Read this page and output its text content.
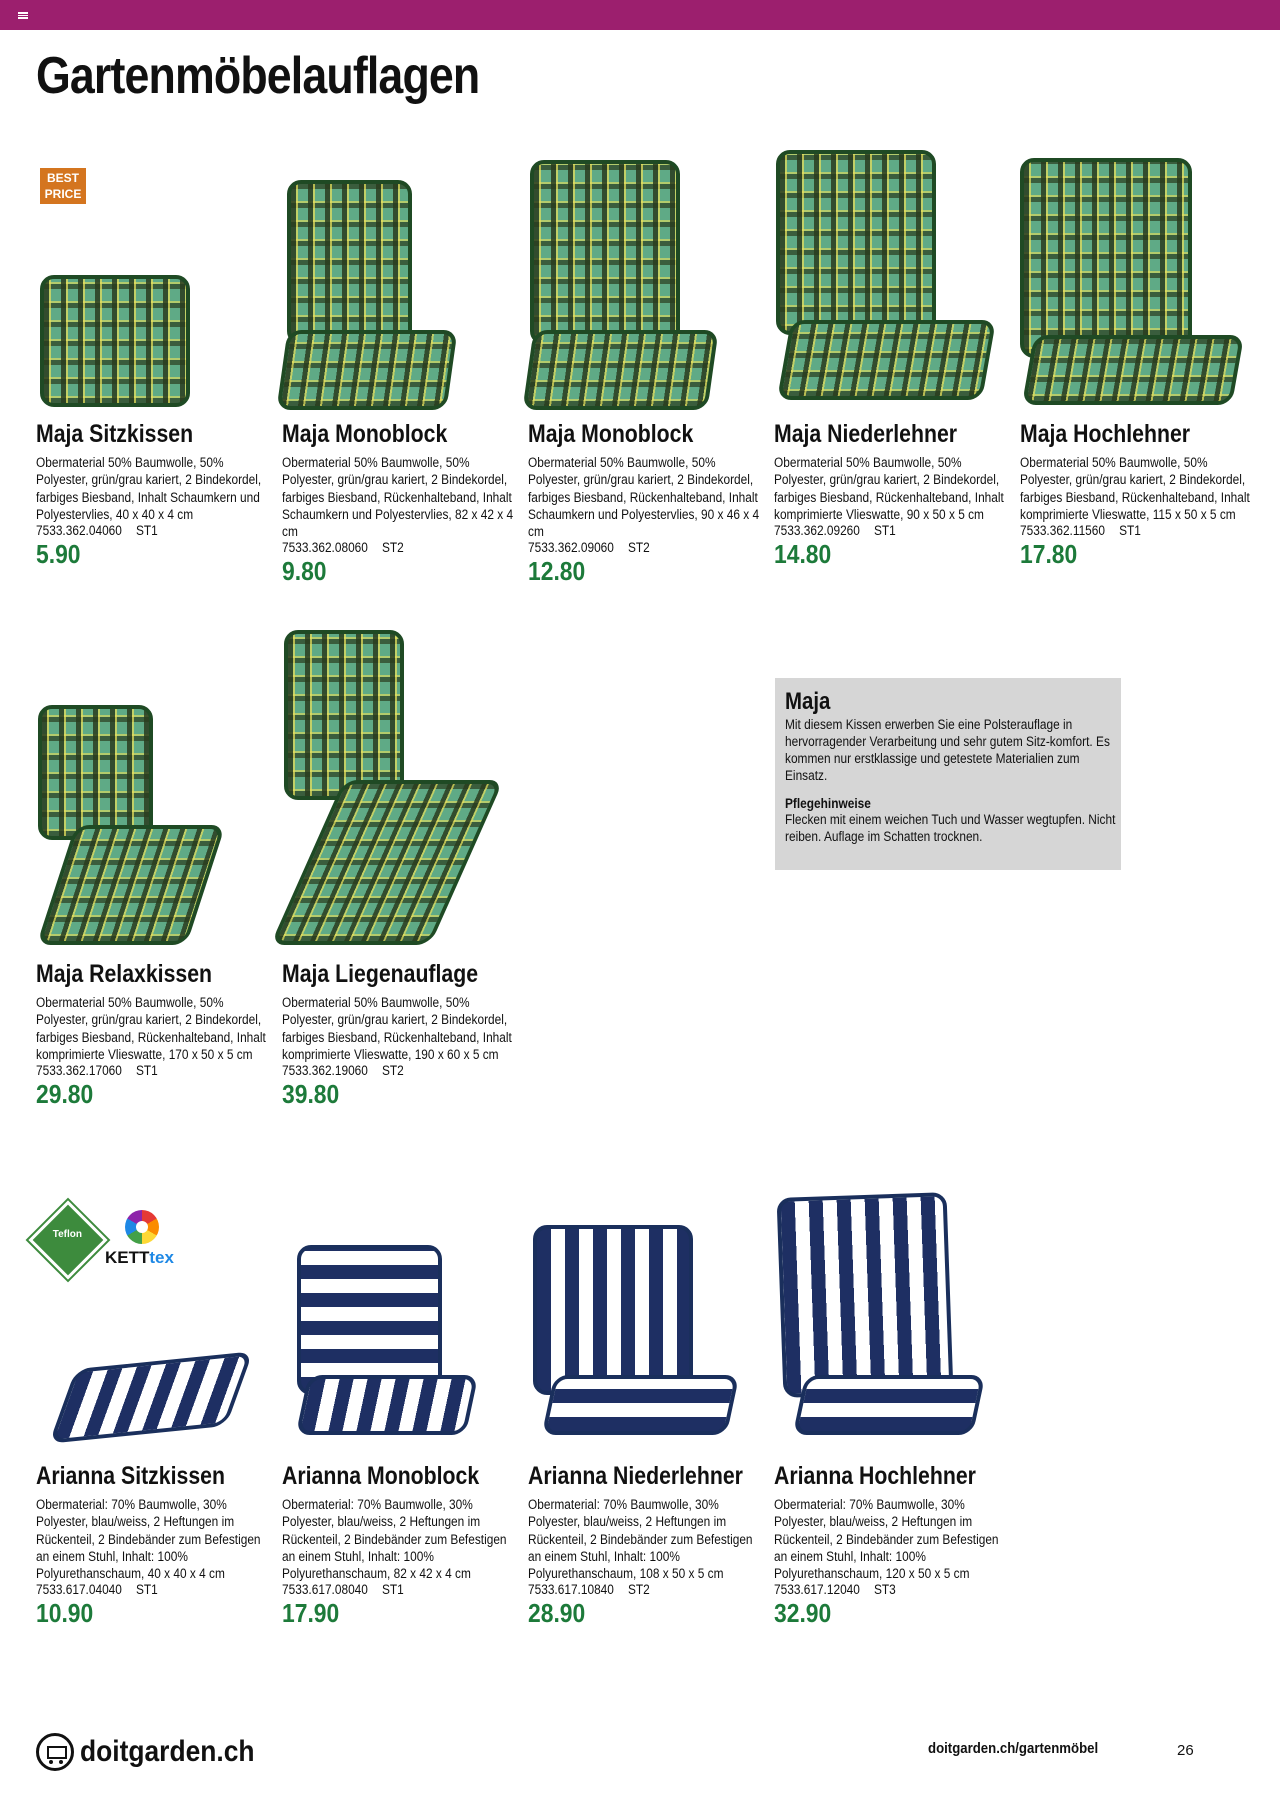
Gartenmöbelauflagen
BEST PRICE
Maja Sitzkissen
Obermaterial 50% Baumwolle, 50% Polyester, grün/grau kariert, 2 Bindekordel, farbiges Biesband, Inhalt Schaumkern und Polyestervlies, 40 x 40 x 4 cm
7533.362.04060 ST1
5.90
Maja Monoblock
Obermaterial 50% Baumwolle, 50% Polyester, grün/grau kariert, 2 Bindekordel, farbiges Biesband, Rückenhalteband, Inhalt Schaumkern und Polyestervlies, 82 x 42 x 4 cm
7533.362.08060 ST2
9.80
Maja Monoblock
Obermaterial 50% Baumwolle, 50% Polyester, grün/grau kariert, 2 Bindekordel, farbiges Biesband, Rückenhalteband, Inhalt Schaumkern und Polyestervlies, 90 x 46 x 4 cm
7533.362.09060 ST2
12.80
Maja Niederlehner
Obermaterial 50% Baumwolle, 50% Polyester, grün/grau kariert, 2 Bindekordel, farbiges Biesband, Rückenhalteband, Inhalt komprimierte Vlieswatte, 90 x 50 x 5 cm
7533.362.09260 ST1
14.80
Maja Hochlehner
Obermaterial 50% Baumwolle, 50% Polyester, grün/grau kariert, 2 Bindekordel, farbiges Biesband, Rückenhalteband, Inhalt komprimierte Vlieswatte, 115 x 50 x 5 cm
7533.362.11560 ST1
17.80
Maja Relaxkissen
Obermaterial 50% Baumwolle, 50% Polyester, grün/grau kariert, 2 Bindekordel, farbiges Biesband, Rückenhalteband, Inhalt komprimierte Vlieswatte, 170 x 50 x 5 cm
7533.362.17060 ST1
29.80
Maja Liegenauflage
Obermaterial 50% Baumwolle, 50% Polyester, grün/grau kariert, 2 Bindekordel, farbiges Biesband, Rückenhalteband, Inhalt komprimierte Vlieswatte, 190 x 60 x 5 cm
7533.362.19060 ST2
39.80
Maja
Mit diesem Kissen erwerben Sie eine Polsterauflage in hervorragender Verarbeitung und sehr gutem Sitz-komfort. Es kommen nur erstklassige und getestete Materialien zum Einsatz.
Pflegehinweise
Flecken mit einem weichen Tuch und Wasser wegtupfen. Nicht reiben. Auflage im Schatten trocknen.
Teflon
KETTtex
Arianna Sitzkissen
Obermaterial: 70% Baumwolle, 30% Polyester, blau/weiss, 2 Heftungen im Rückenteil, 2 Bindebänder zum Befestigen an einem Stuhl, Inhalt: 100% Polyurethanschaum, 40 x 40 x 4 cm
7533.617.04040 ST1
10.90
Arianna Monoblock
Obermaterial: 70% Baumwolle, 30% Polyester, blau/weiss, 2 Heftungen im Rückenteil, 2 Bindebänder zum Befestigen an einem Stuhl, Inhalt: 100% Polyurethanschaum, 82 x 42 x 4 cm
7533.617.08040 ST1
17.90
Arianna Niederlehner
Obermaterial: 70% Baumwolle, 30% Polyester, blau/weiss, 2 Heftungen im Rückenteil, 2 Bindebänder zum Befestigen an einem Stuhl, Inhalt: 100% Polyurethanschaum, 108 x 50 x 5 cm
7533.617.10840 ST2
28.90
Arianna Hochlehner
Obermaterial: 70% Baumwolle, 30% Polyester, blau/weiss, 2 Heftungen im Rückenteil, 2 Bindebänder zum Befestigen an einem Stuhl, Inhalt: 100% Polyurethanschaum, 120 x 50 x 5 cm
7533.617.12040 ST3
32.90
doitgarden.ch	doitgarden.ch/gartenmöbel	26
